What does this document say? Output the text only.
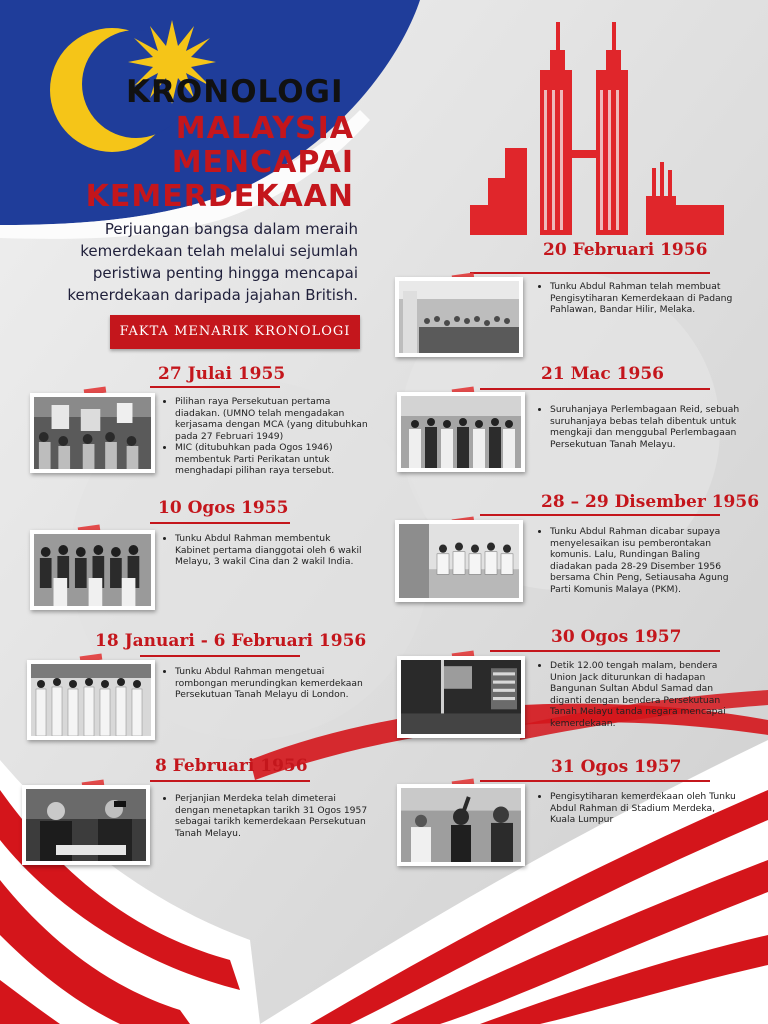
KRONOLOGI
MALAYSIA
MENCAPAI
KEMERDEKAAN
Perjuangan bangsa dalam meraih kemerdekaan telah melalui sejumlah peristiwa penting hingga mencapai kemerdekaan daripada jajahan British.
FAKTA MENARIK KRONOLOGI
27 Julai 1955
• Pilihan raya Persekutuan pertama diadakan. (UMNO telah mengadakan kerjasama dengan MCA (yang ditubuhkan pada 27 Februari 1949)
• MIC (ditubuhkan pada Ogos 1946) membentuk Parti Perikatan untuk menghadapi pilihan raya tersebut.
10 Ogos 1955
• Tunku Abdul Rahman membentuk Kabinet pertama dianggotai oleh 6 wakil Melayu, 3 wakil Cina dan 2 wakil India.
18 Januari - 6 Februari 1956
• Tunku Abdul Rahman mengetuai rombongan merundingkan kemerdekaan Persekutuan Tanah Melayu di London.
8 Februari 1956
• Perjanjian Merdeka telah dimeterai dengan menetapkan tarikh 31 Ogos 1957 sebagai tarikh kemerdekaan Persekutuan Tanah Melayu.
20 Februari 1956
• Tunku Abdul Rahman telah membuat Pengisytiharan Kemerdekaan di Padang Pahlawan, Bandar Hilir, Melaka.
21 Mac 1956
• Suruhanjaya Perlembagaan Reid, sebuah suruhanjaya bebas telah dibentuk untuk mengkaji dan menggubal Perlembagaan Persekutuan Tanah Melayu.
28 – 29 Disember 1956
• Tunku Abdul Rahman dicabar supaya menyelesaikan isu pemberontakan komunis. Lalu, Rundingan Baling diadakan pada 28-29 Disember 1956 bersama Chin Peng, Setiausaha Agung Parti Komunis Malaya (PKM).
30 Ogos 1957
• Detik 12.00 tengah malam, bendera Union Jack diturunkan di hadapan Bangunan Sultan Abdul Samad dan diganti dengan bendera Persekutuan Tanah Melayu tanda negara mencapai kemerdekaan.
31 Ogos 1957
• Pengisytiharan kemerdekaan oleh Tunku Abdul Rahman di Stadium Merdeka, Kuala Lumpur
